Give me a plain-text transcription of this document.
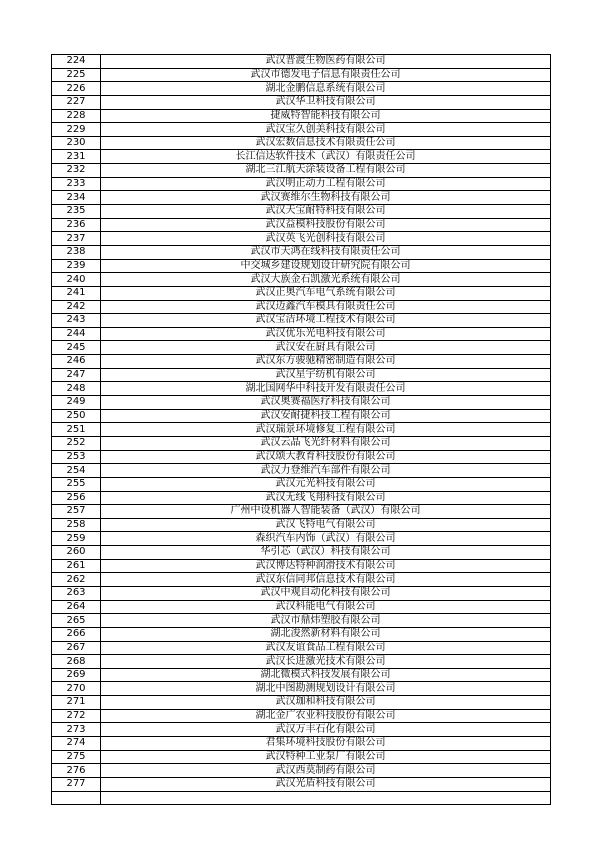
224	武汉普渡生物医药有限公司
225	武汉市德发电子信息有限责任公司
226	湖北金鹏信息系统有限公司
227	武汉华卫科技有限公司
228	捷威特智能科技有限公司
229	武汉宝久创美科技有限公司
230	武汉宏数信息技术有限责任公司
231	长江信达软件技术（武汉）有限责任公司
232	湖北三江航天涂装设备工程有限公司
233	武汉明正动力工程有限公司
234	武汉赛维尔生物科技有限公司
235	武汉天宝耐特科技有限公司
236	武汉益模科技股份有限公司
237	武汉英飞光创科技有限公司
238	武汉市天鸿在线科技有限责任公司
239	中交城乡建设规划设计研究院有限公司
240	武汉大族金石凯激光系统有限公司
241	武汉正奥汽车电气系统有限公司
242	武汉迈鑫汽车模具有限责任公司
243	武汉宝洁环境工程技术有限公司
244	武汉优乐光电科技有限公司
245	武汉安在厨具有限公司
246	武汉东方骏驰精密制造有限公司
247	武汉星宇纺机有限公司
248	湖北国网华中科技开发有限责任公司
249	武汉奥赛福医疗科技有限公司
250	武汉安耐捷科技工程有限公司
251	武汉瑞景环境修复工程有限公司
252	武汉云晶飞光纤材料有限公司
253	武汉颂大教育科技股份有限公司
254	武汉力登维汽车部件有限公司
255	武汉元光科技有限公司
256	武汉无线飞翔科技有限公司
257	广州中设机器人智能装备（武汉）有限公司
258	武汉飞特电气有限公司
259	森织汽车内饰（武汉）有限公司
260	华引芯（武汉）科技有限公司
261	武汉博达特种润滑技术有限公司
262	武汉东信同邦信息技术有限公司
263	武汉中观自动化科技有限公司
264	武汉科能电气有限公司
265	武汉市鼎炜塑胶有限公司
266	湖北浚然新材料有限公司
267	武汉友谊食品工程有限公司
268	武汉长进激光技术有限公司
269	湖北微模式科技发展有限公司
270	湖北中图勘测规划设计有限公司
271	武汉珈和科技有限公司
272	湖北金广农业科技股份有限公司
273	武汉万丰石化有限公司
274	君集环境科技股份有限公司
275	武汉特种工业泵厂有限公司
276	武汉西莫制药有限公司
277	武汉光盾科技有限公司
